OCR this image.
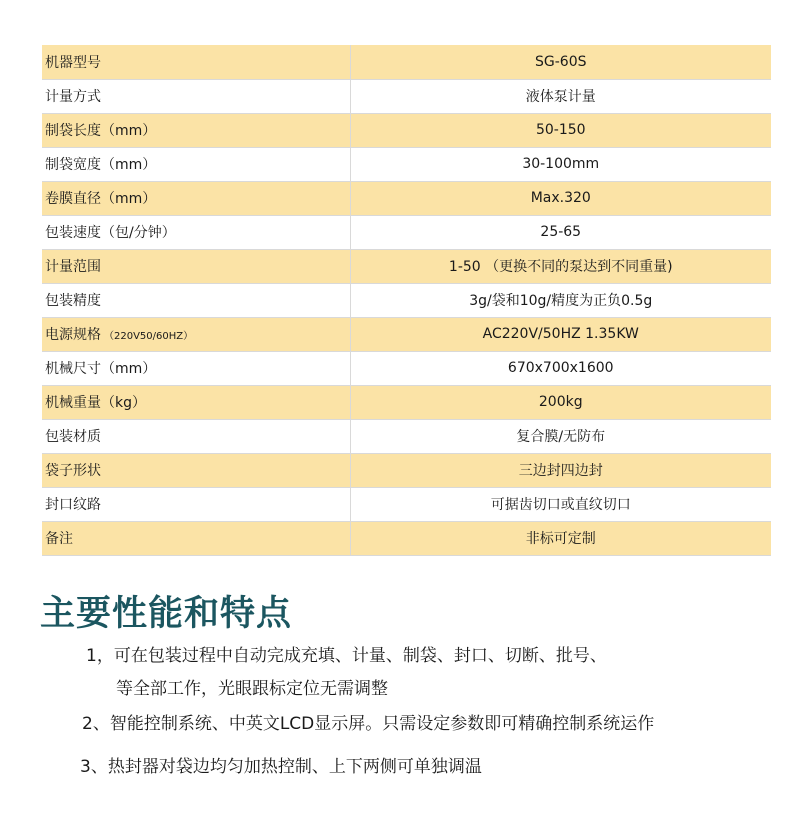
机器型号	SG-60S
计量方式	液体泵计量
制袋长度（mm）	50-150
制袋宽度（mm）	30-100mm
卷膜直径（mm）	Max.320
包装速度（包/分钟）	25-65
计量范围	1-50 （更换不同的泵达到不同重量)
包装精度	3g/袋和10g/精度为正负0.5g
电源规格 （220V50/60HZ）	AC220V/50HZ 1.35KW
机械尺寸（mm）	670x700x1600
机械重量（kg）	200kg
包装材质	复合膜/无防布
袋子形状	三边封四边封
封口纹路	可据齿切口或直纹切口
备注	非标可定制
主要性能和特点

1，可在包装过程中自动完成充填、计量、制袋、封口、切断、批号、

等全部工作，光眼跟标定位无需调整

2、智能控制系统、中英文LCD显示屏。只需设定参数即可精确控制系统运作

3、热封器对袋边均匀加热控制、上下两侧可单独调温
